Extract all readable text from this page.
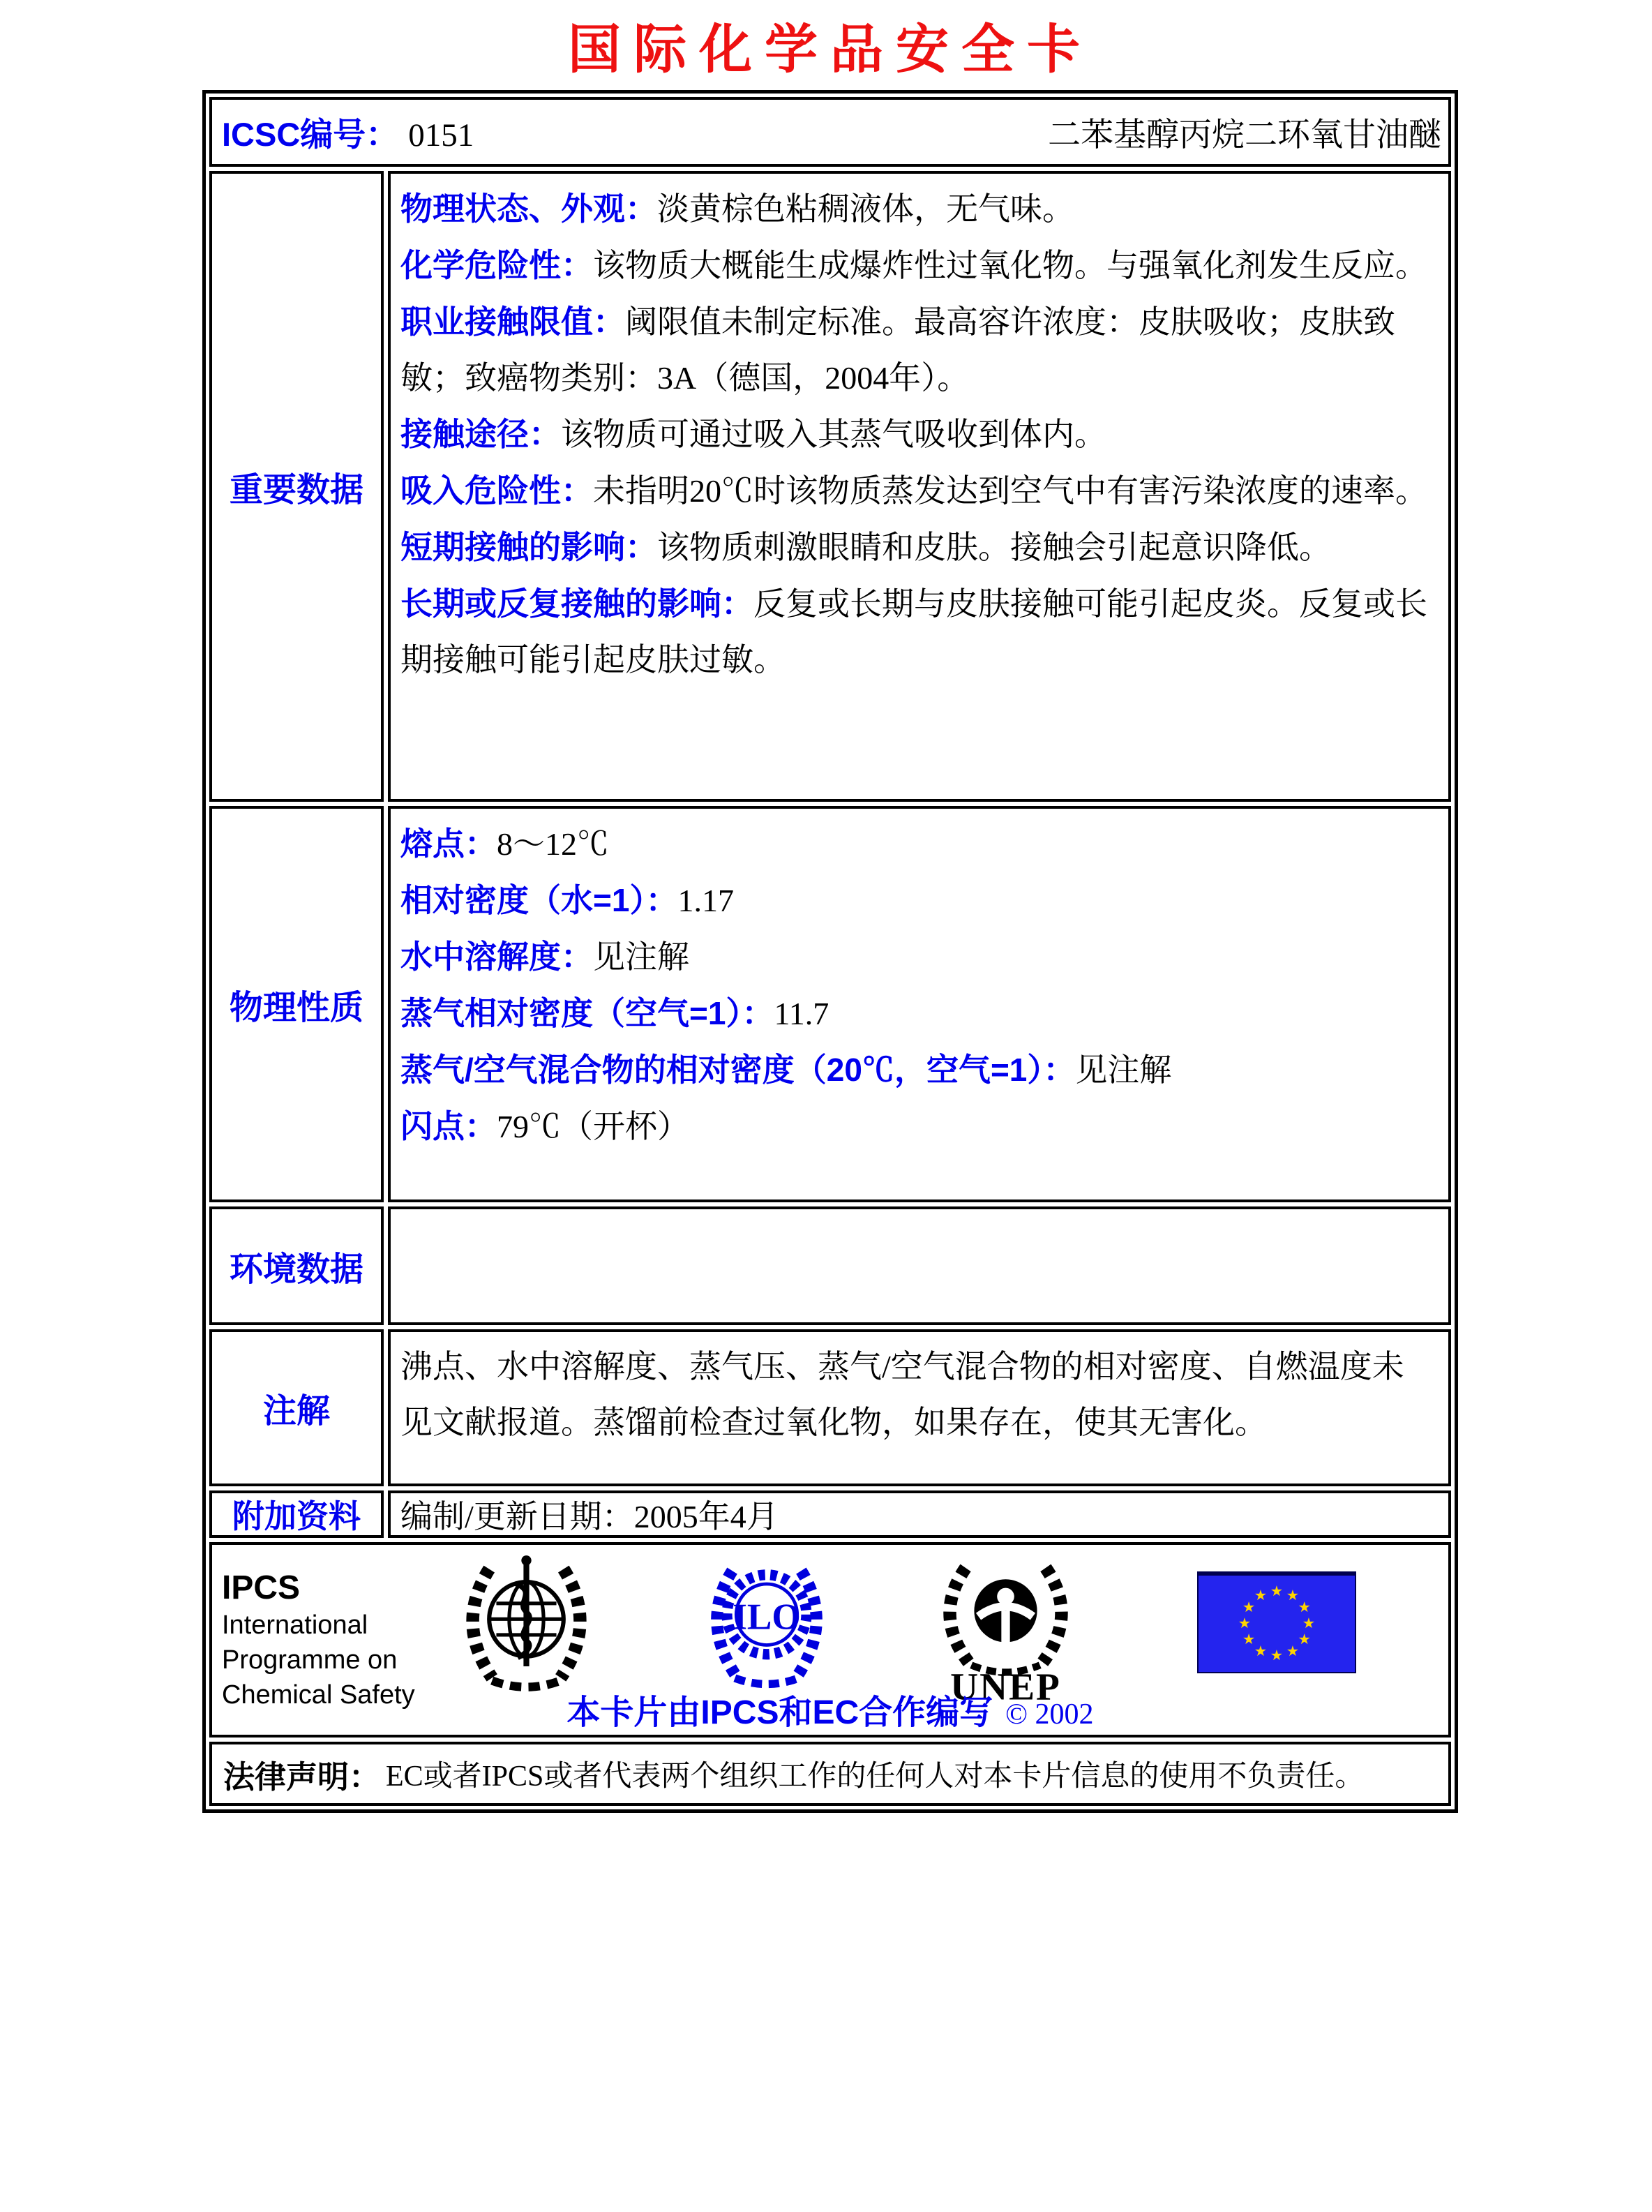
国际化学品安全卡
ICSC编号： 0151	二苯基醇丙烷二环氧甘油醚
重要数据

物理状态、外观：淡黄棕色粘稠液体，无气味。

化学危险性：该物质大概能生成爆炸性过氧化物。与强氧化剂发生反应。

职业接触限值：阈限值未制定标准。最高容许浓度：皮肤吸收；皮肤致敏；致癌物类别：3A（德国，2004年）。

接触途径：该物质可通过吸入其蒸气吸收到体内。

吸入危险性：未指明20℃时该物质蒸发达到空气中有害污染浓度的速率。

短期接触的影响：该物质刺激眼睛和皮肤。接触会引起意识降低。

长期或反复接触的影响：反复或长期与皮肤接触可能引起皮炎。反复或长期接触可能引起皮肤过敏。

物理性质

熔点：8～12℃

相对密度（水=1）：1.17

水中溶解度：见注解

蒸气相对密度（空气=1）：11.7

蒸气/空气混合物的相对密度（20℃，空气=1）：见注解

闪点：79℃（开杯）

环境数据
注解

沸点、水中溶解度、蒸气压、蒸气/空气混合物的相对密度、自燃温度未见文献报道。蒸馏前检查过氧化物，如果存在，使其无害化。

附加资料 编制/更新日期：2005年4月
IPCS
International
Programme on
Chemical Safety
ILO
UNEP
★ ★
★
★
★
★
★
★
★
★
★
★
本卡片由IPCS和EC合作编写 © 2002
法律声明： EC或者IPCS或者代表两个组织工作的任何人对本卡片信息的使用不负责任。
